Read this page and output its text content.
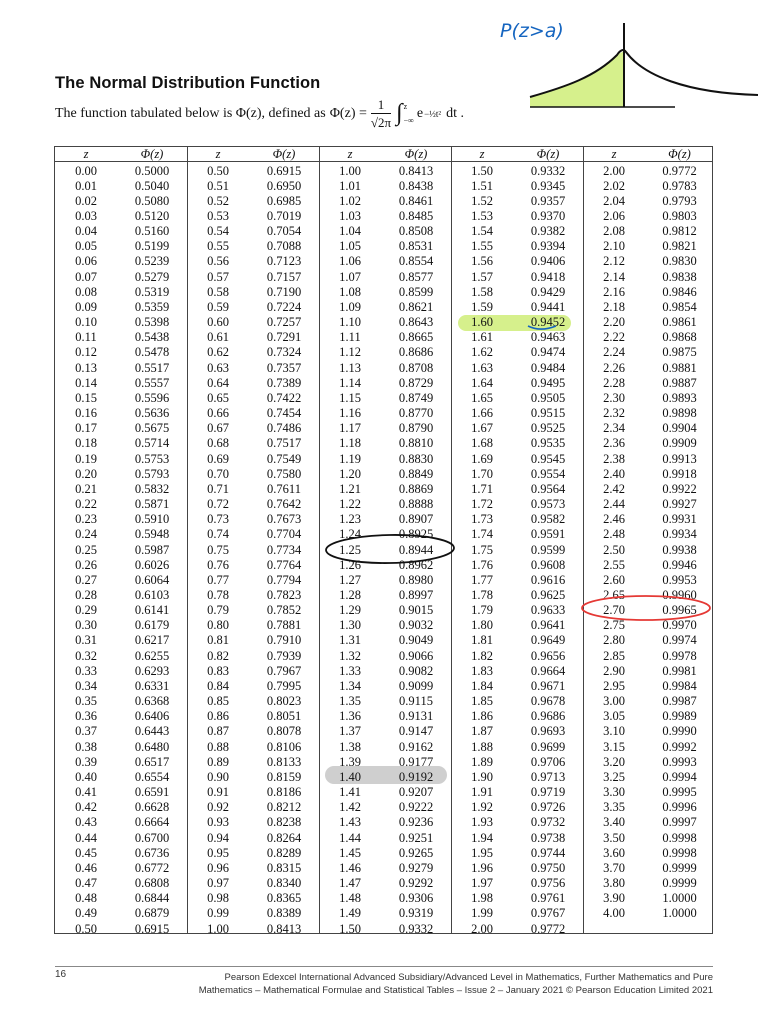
P(z>a)
The Normal Distribution Function
The function tabulated below is Φ(z), defined as $\Phi(z) = \frac{1}{√2\pi}$ ∫ z
−∞ e −½t² dt .
z	Φ(z)
0.00	0.5000
0.01	0.5040
0.02	0.5080
0.03	0.5120
0.04	0.5160
0.05	0.5199
0.06	0.5239
0.07	0.5279
0.08	0.5319
0.09	0.5359
0.10	0.5398
0.11	0.5438
0.12	0.5478
0.13	0.5517
0.14	0.5557
0.15	0.5596
0.16	0.5636
0.17	0.5675
0.18	0.5714
0.19	0.5753
0.20	0.5793
0.21	0.5832
0.22	0.5871
0.23	0.5910
0.24	0.5948
0.25	0.5987
0.26	0.6026
0.27	0.6064
0.28	0.6103
0.29	0.6141
0.30	0.6179
0.31	0.6217
0.32	0.6255
0.33	0.6293
0.34	0.6331
0.35	0.6368
0.36	0.6406
0.37	0.6443
0.38	0.6480
0.39	0.6517
0.40	0.6554
0.41	0.6591
0.42	0.6628
0.43	0.6664
0.44	0.6700
0.45	0.6736
0.46	0.6772
0.47	0.6808
0.48	0.6844
0.49	0.6879
0.50	0.6915
z	Φ(z)
0.50	0.6915
0.51	0.6950
0.52	0.6985
0.53	0.7019
0.54	0.7054
0.55	0.7088
0.56	0.7123
0.57	0.7157
0.58	0.7190
0.59	0.7224
0.60	0.7257
0.61	0.7291
0.62	0.7324
0.63	0.7357
0.64	0.7389
0.65	0.7422
0.66	0.7454
0.67	0.7486
0.68	0.7517
0.69	0.7549
0.70	0.7580
0.71	0.7611
0.72	0.7642
0.73	0.7673
0.74	0.7704
0.75	0.7734
0.76	0.7764
0.77	0.7794
0.78	0.7823
0.79	0.7852
0.80	0.7881
0.81	0.7910
0.82	0.7939
0.83	0.7967
0.84	0.7995
0.85	0.8023
0.86	0.8051
0.87	0.8078
0.88	0.8106
0.89	0.8133
0.90	0.8159
0.91	0.8186
0.92	0.8212
0.93	0.8238
0.94	0.8264
0.95	0.8289
0.96	0.8315
0.97	0.8340
0.98	0.8365
0.99	0.8389
1.00	0.8413
z	Φ(z)
1.00	0.8413
1.01	0.8438
1.02	0.8461
1.03	0.8485
1.04	0.8508
1.05	0.8531
1.06	0.8554
1.07	0.8577
1.08	0.8599
1.09	0.8621
1.10	0.8643
1.11	0.8665
1.12	0.8686
1.13	0.8708
1.14	0.8729
1.15	0.8749
1.16	0.8770
1.17	0.8790
1.18	0.8810
1.19	0.8830
1.20	0.8849
1.21	0.8869
1.22	0.8888
1.23	0.8907
1.24	0.8925
1.25	0.8944
1.26	0.8962
1.27	0.8980
1.28	0.8997
1.29	0.9015
1.30	0.9032
1.31	0.9049
1.32	0.9066
1.33	0.9082
1.34	0.9099
1.35	0.9115
1.36	0.9131
1.37	0.9147
1.38	0.9162
1.39	0.9177
1.40	0.9192
1.41	0.9207
1.42	0.9222
1.43	0.9236
1.44	0.9251
1.45	0.9265
1.46	0.9279
1.47	0.9292
1.48	0.9306
1.49	0.9319
1.50	0.9332
z	Φ(z)
1.50	0.9332
1.51	0.9345
1.52	0.9357
1.53	0.9370
1.54	0.9382
1.55	0.9394
1.56	0.9406
1.57	0.9418
1.58	0.9429
1.59	0.9441
1.60	0.9452
1.61	0.9463
1.62	0.9474
1.63	0.9484
1.64	0.9495
1.65	0.9505
1.66	0.9515
1.67	0.9525
1.68	0.9535
1.69	0.9545
1.70	0.9554
1.71	0.9564
1.72	0.9573
1.73	0.9582
1.74	0.9591
1.75	0.9599
1.76	0.9608
1.77	0.9616
1.78	0.9625
1.79	0.9633
1.80	0.9641
1.81	0.9649
1.82	0.9656
1.83	0.9664
1.84	0.9671
1.85	0.9678
1.86	0.9686
1.87	0.9693
1.88	0.9699
1.89	0.9706
1.90	0.9713
1.91	0.9719
1.92	0.9726
1.93	0.9732
1.94	0.9738
1.95	0.9744
1.96	0.9750
1.97	0.9756
1.98	0.9761
1.99	0.9767
2.00	0.9772
z	Φ(z)
2.00	0.9772
2.02	0.9783
2.04	0.9793
2.06	0.9803
2.08	0.9812
2.10	0.9821
2.12	0.9830
2.14	0.9838
2.16	0.9846
2.18	0.9854
2.20	0.9861
2.22	0.9868
2.24	0.9875
2.26	0.9881
2.28	0.9887
2.30	0.9893
2.32	0.9898
2.34	0.9904
2.36	0.9909
2.38	0.9913
2.40	0.9918
2.42	0.9922
2.44	0.9927
2.46	0.9931
2.48	0.9934
2.50	0.9938
2.55	0.9946
2.60	0.9953
2.65	0.9960
2.70	0.9965
2.75	0.9970
2.80	0.9974
2.85	0.9978
2.90	0.9981
2.95	0.9984
3.00	0.9987
3.05	0.9989
3.10	0.9990
3.15	0.9992
3.20	0.9993
3.25	0.9994
3.30	0.9995
3.35	0.9996
3.40	0.9997
3.50	0.9998
3.60	0.9998
3.70	0.9999
3.80	0.9999
3.90	1.0000
4.00	1.0000
16	Pearson Edexcel International Advanced Subsidiary/Advanced Level in Mathematics, Further Mathematics and Pure
Mathematics – Mathematical Formulae and Statistical Tables – Issue 2 – January 2021 © Pearson Education Limited 2021
